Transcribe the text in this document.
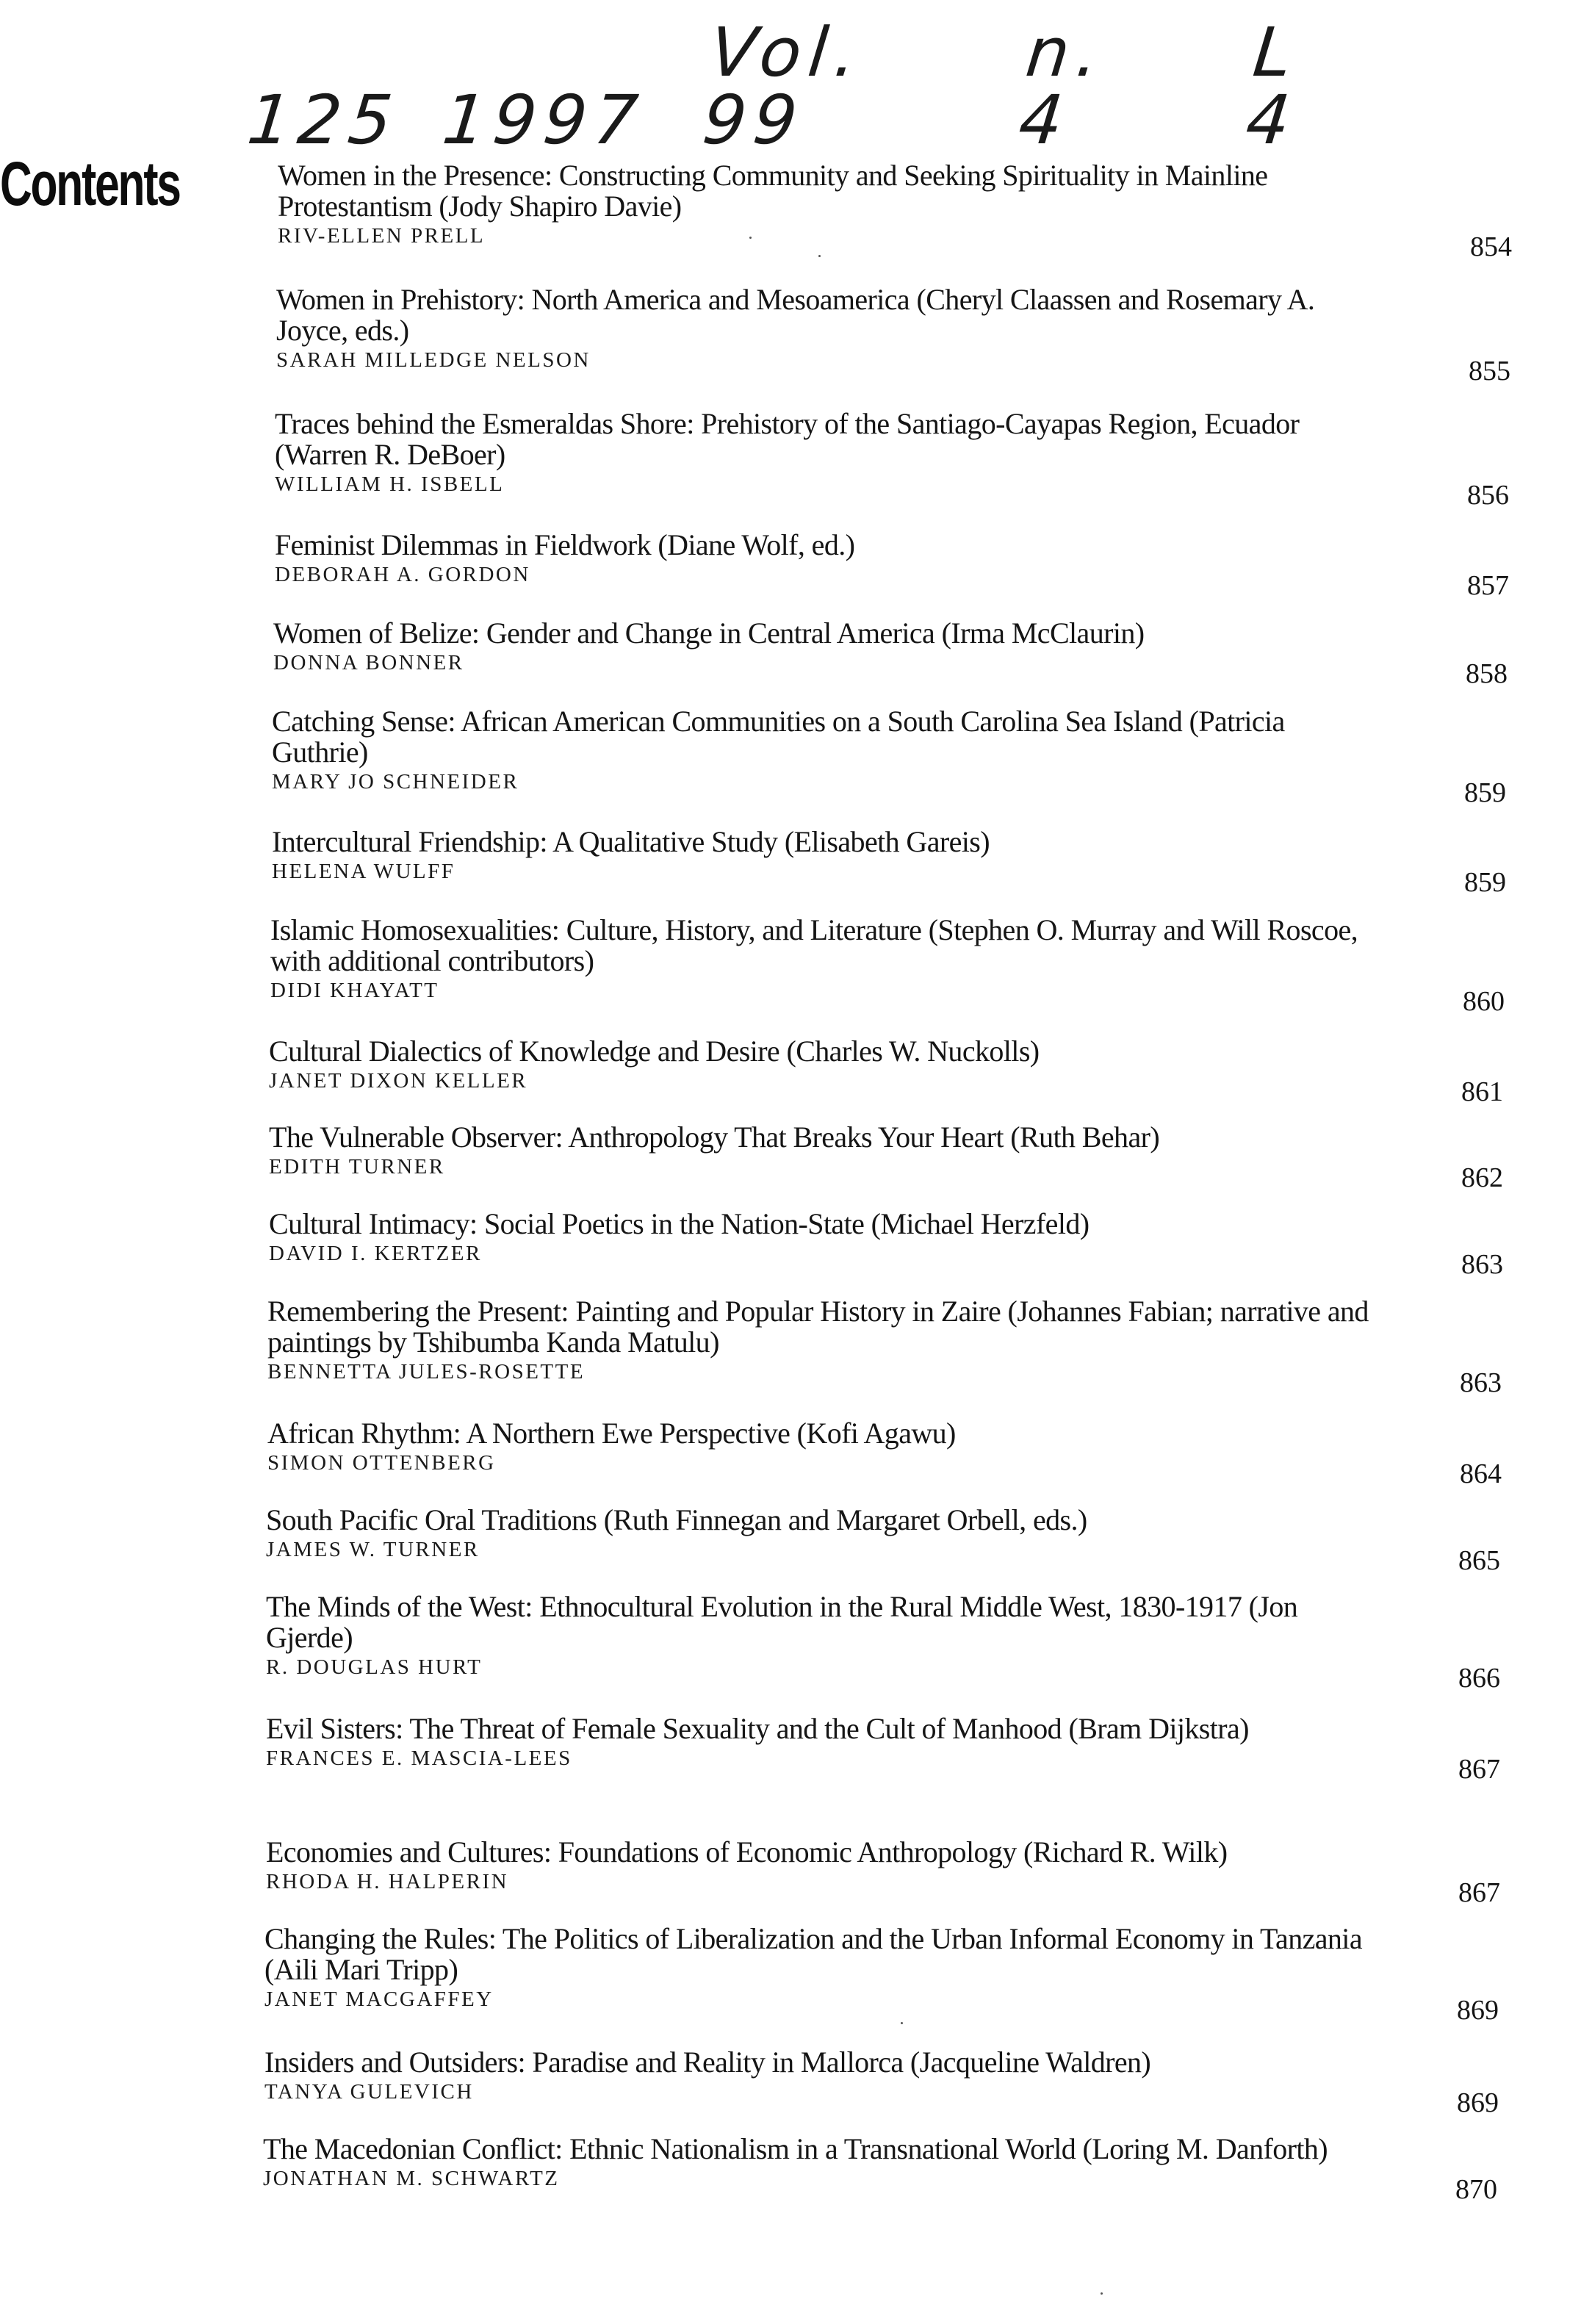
125 1997
Vol. 99
n. 4
L 4
Contents	Women in the Presence: Constructing Community and Seeking Spirituality in Mainline Protestantism (Jody Shapiro Davie)
RIV-ELLEN PRELL	854
Women in Prehistory: North America and Mesoamerica (Cheryl Claassen and Rosemary A. Joyce, eds.)
SARAH MILLEDGE NELSON	855
Traces behind the Esmeraldas Shore: Prehistory of the Santiago-Cayapas Region, Ecuador (Warren R. DeBoer)
WILLIAM H. ISBELL	856
Feminist Dilemmas in Fieldwork (Diane Wolf, ed.)
DEBORAH A. GORDON	857
Women of Belize: Gender and Change in Central America (Irma McClaurin)
DONNA BONNER	858
Catching Sense: African American Communities on a South Carolina Sea Island (Patricia Guthrie)
MARY JO SCHNEIDER	859
Intercultural Friendship: A Qualitative Study (Elisabeth Gareis)
HELENA WULFF	859
Islamic Homosexualities: Culture, History, and Literature (Stephen O. Murray and Will Roscoe, with additional contributors)
DIDI KHAYATT	860
Cultural Dialectics of Knowledge and Desire (Charles W. Nuckolls)
JANET DIXON KELLER	861
The Vulnerable Observer: Anthropology That Breaks Your Heart (Ruth Behar)
EDITH TURNER	862
Cultural Intimacy: Social Poetics in the Nation-State (Michael Herzfeld)
DAVID I. KERTZER	863
Remembering the Present: Painting and Popular History in Zaire (Johannes Fabian; narrative and paintings by Tshibumba Kanda Matulu)
BENNETTA JULES-ROSETTE	863
African Rhythm: A Northern Ewe Perspective (Kofi Agawu)
SIMON OTTENBERG	864
South Pacific Oral Traditions (Ruth Finnegan and Margaret Orbell, eds.)
JAMES W. TURNER	865
The Minds of the West: Ethnocultural Evolution in the Rural Middle West, 1830-1917 (Jon Gjerde)
R. DOUGLAS HURT	866
Evil Sisters: The Threat of Female Sexuality and the Cult of Manhood (Bram Dijkstra)
FRANCES E. MASCIA-LEES	867
Economies and Cultures: Foundations of Economic Anthropology (Richard R. Wilk)
RHODA H. HALPERIN	867
Changing the Rules: The Politics of Liberalization and the Urban Informal Economy in Tanzania (Aili Mari Tripp)
JANET MACGAFFEY	869
Insiders and Outsiders: Paradise and Reality in Mallorca (Jacqueline Waldren)
TANYA GULEVICH	869
The Macedonian Conflict: Ethnic Nationalism in a Transnational World (Loring M. Danforth)
JONATHAN M. SCHWARTZ	870
